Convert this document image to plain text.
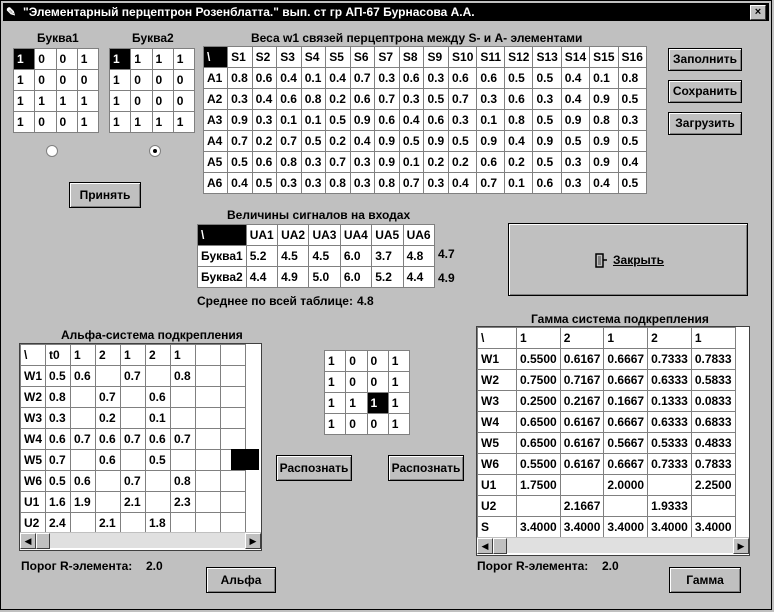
✎ "Элементарный перцептрон Розенблатта." вып. ст гр АП-67 Бурнасова А.А.	×
Буква1
1	0	0	1
1	0	0	0
1	1	1	1
1	0	0	1
Буква2
1	1	1	1
1	0	0	0
1	0	0	0
1	1	1	1
Принять
Веса w1 связей перцептрона между S- и А- элементами
\	S1	S2	S3	S4	S5	S6	S7	S8	S9	S10	S11	S12	S13	S14	S15	S16
A1	0.8	0.6	0.4	0.1	0.4	0.7	0.3	0.6	0.3	0.6	0.6	0.5	0.5	0.4	0.1	0.8
A2	0.3	0.4	0.6	0.8	0.2	0.6	0.7	0.3	0.5	0.7	0.3	0.6	0.3	0.4	0.9	0.5
A3	0.9	0.3	0.1	0.1	0.5	0.9	0.6	0.4	0.6	0.3	0.1	0.8	0.5	0.9	0.8	0.3
A4	0.7	0.2	0.7	0.5	0.2	0.4	0.9	0.5	0.9	0.5	0.9	0.4	0.9	0.5	0.9	0.5
A5	0.5	0.6	0.8	0.3	0.7	0.3	0.9	0.1	0.2	0.2	0.6	0.2	0.5	0.3	0.9	0.4
A6	0.4	0.5	0.3	0.3	0.8	0.3	0.8	0.7	0.3	0.4	0.7	0.1	0.6	0.3	0.4	0.5
Заполнить
Сохранить
Загрузить
Величины сигналов на входах
\	UA1	UA2	UA3	UA4	UA5	UA6
Буква1	5.2	4.5	4.5	6.0	3.7	4.8
Буква2	4.4	4.9	5.0	6.0	5.2	4.4
4.7
4.9
Среднее по всей таблице: 4.8
Закрыть
Альфа-система подкрепления
\	t0	1	2	1	2	1		
W1	0.5	0.6		0.7		0.8		
W2	0.8		0.7		0.6			
W3	0.3		0.2		0.1			
W4	0.6	0.7	0.6	0.7	0.6	0.7		
W5	0.7		0.6		0.5			
W6	0.5	0.6		0.7		0.8		
U1	1.6	1.9		2.1		2.3		
U2	2.4		2.1		1.8			
◀	▶
Порог R-элемента: 2.0
Альфа
1	0	0	1
1	0	0	1
1	1	1	1
1	0	0	1
Распознать	Распознать
Гамма система подкрепления
\	1	2	1	2	1
W1	0.5500	0.6167	0.6667	0.7333	0.7833
W2	0.7500	0.7167	0.6667	0.6333	0.5833
W3	0.2500	0.2167	0.1667	0.1333	0.0833
W4	0.6500	0.6167	0.6667	0.6333	0.6833
W5	0.6500	0.6167	0.5667	0.5333	0.4833
W6	0.5500	0.6167	0.6667	0.7333	0.7833
U1	1.7500		2.0000		2.2500
U2		2.1667		1.9333	
S	3.4000	3.4000	3.4000	3.4000	3.4000
◀	▶
Порог R-элемента: 2.0
Гамма
